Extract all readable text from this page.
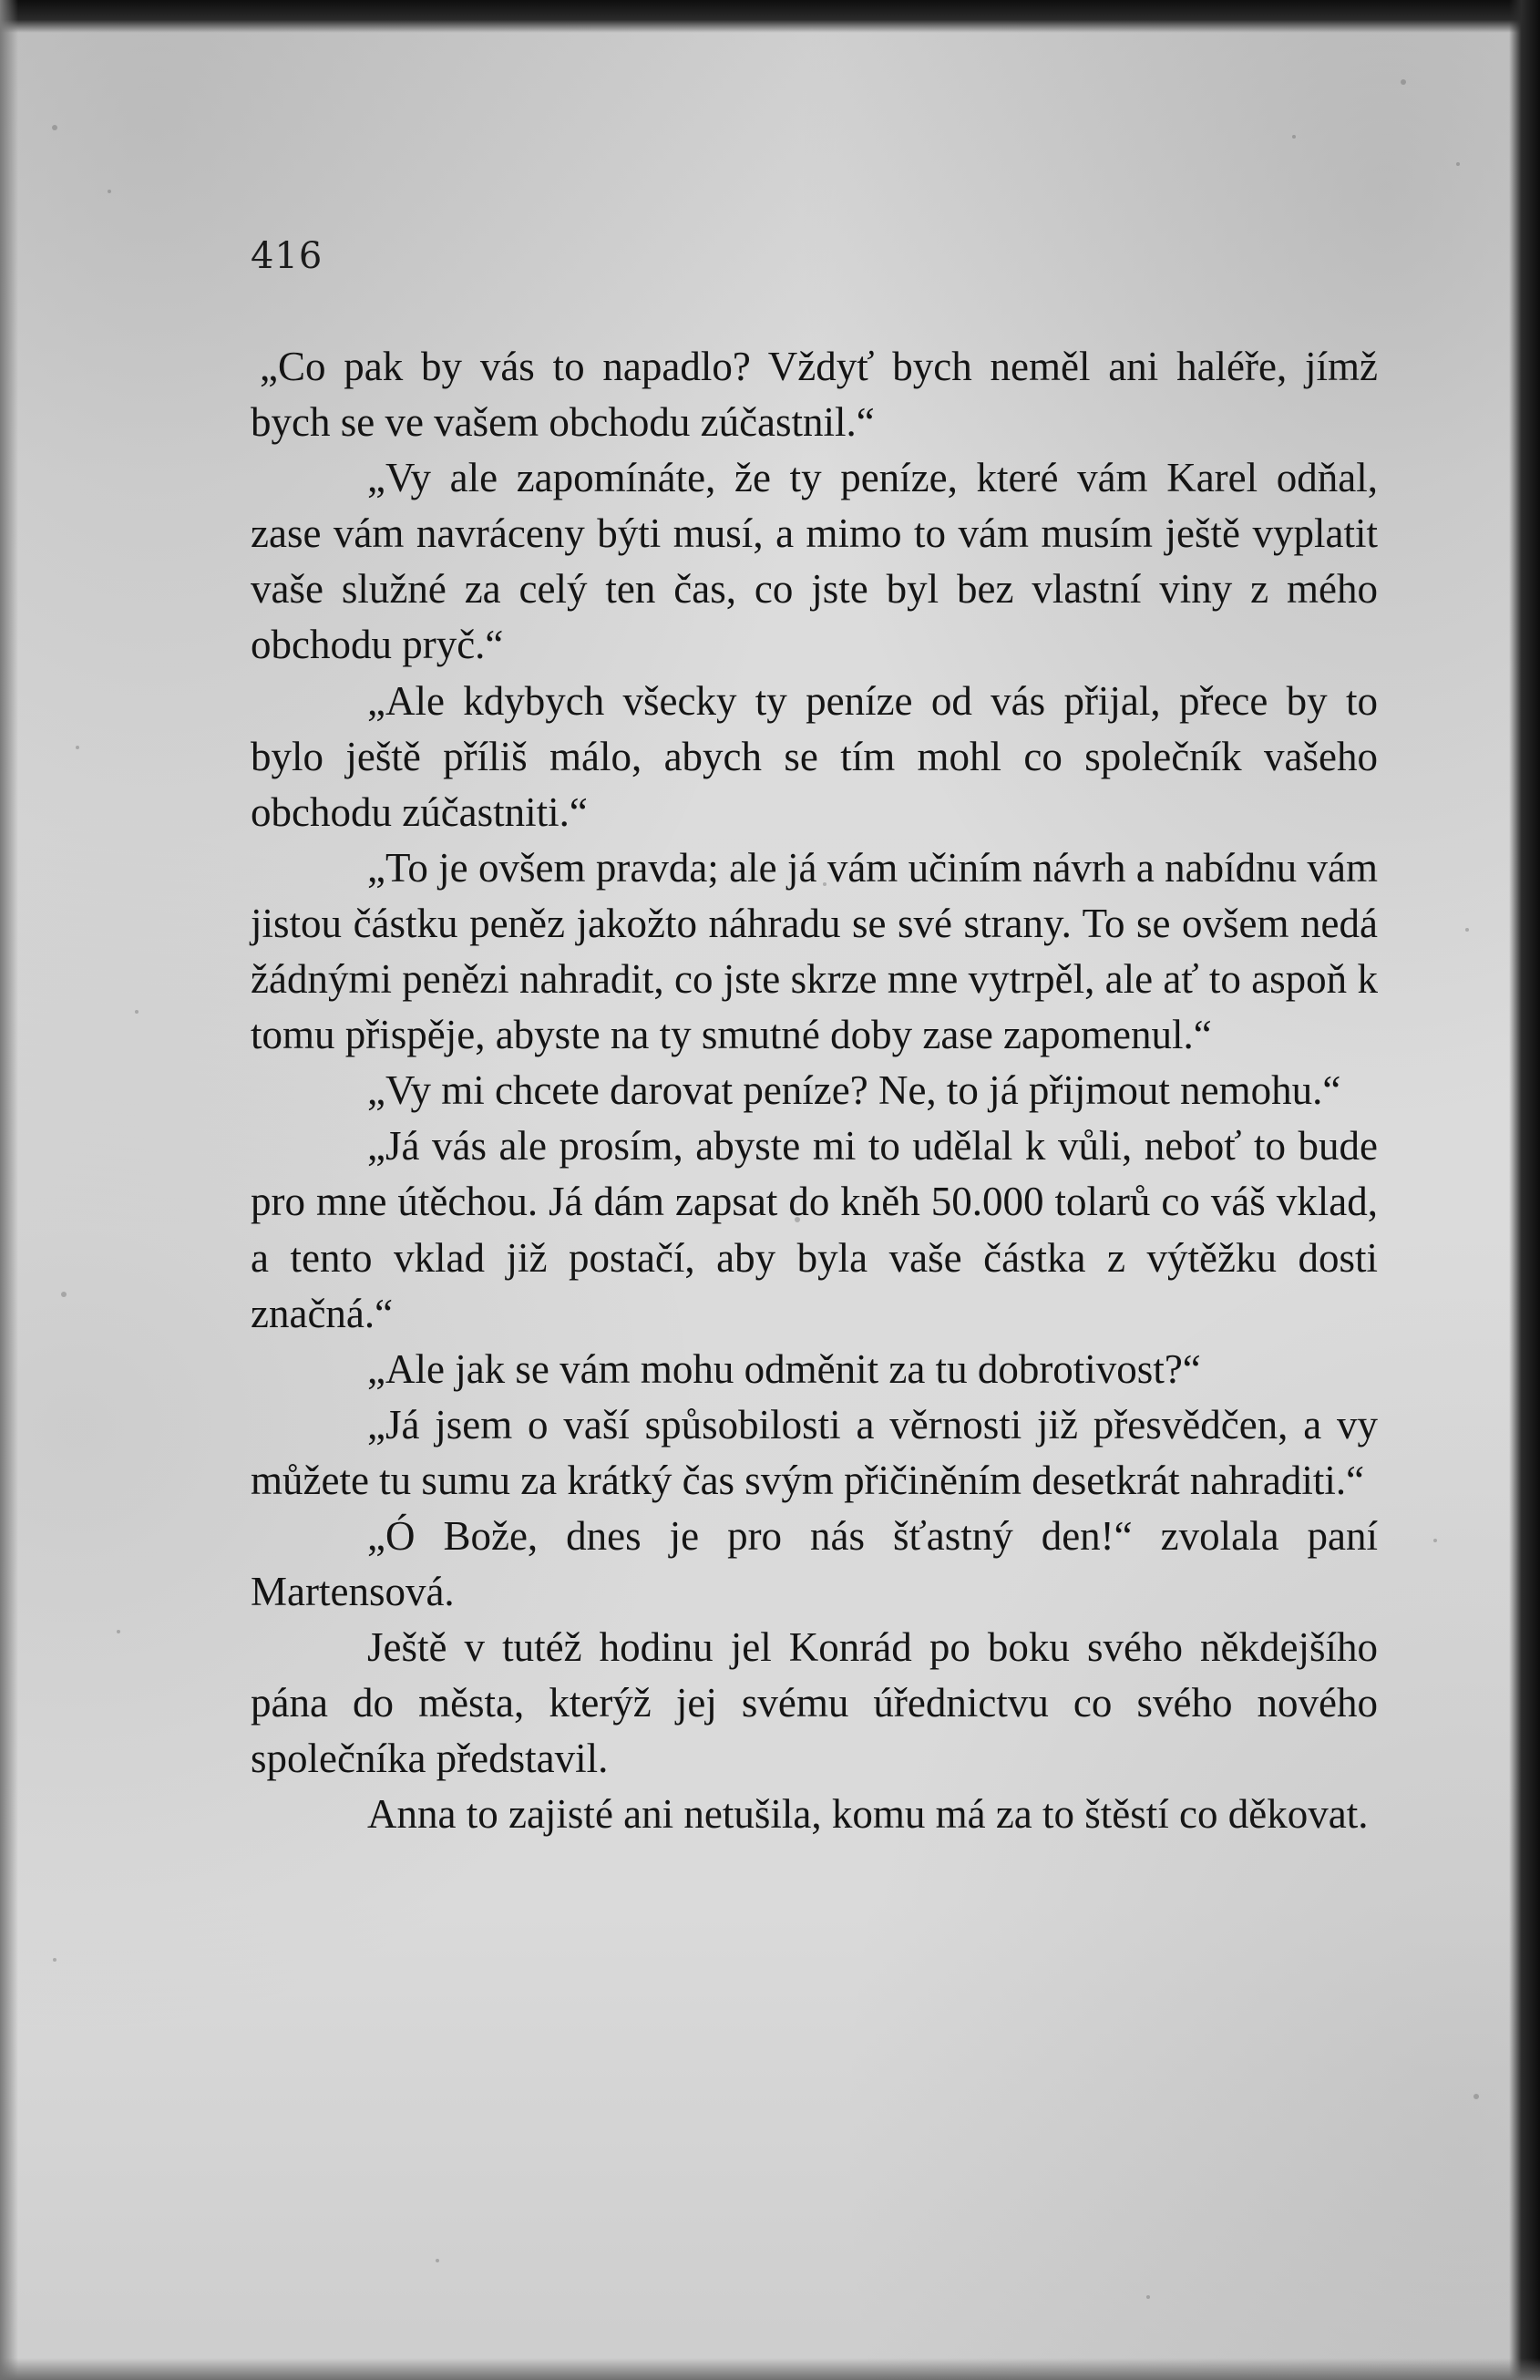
416

„Co pak by vás to napadlo? Vždyť bych neměl ani haléře, jímž bych se ve vašem obchodu zúčastnil.“

„Vy ale zapomínáte, že ty peníze, které vám Karel odňal, zase vám navráceny býti musí, a mimo to vám musím ještě vyplatit vaše služné za celý ten čas, co jste byl bez vlastní viny z mého obchodu pryč.“

„Ale kdybych všecky ty peníze od vás přijal, přece by to bylo ještě příliš málo, abych se tím mohl co společník vašeho obchodu zúčastniti.“

„To je ovšem pravda; ale já vám učiním návrh a nabídnu vám jistou částku peněz jakožto náhradu se své strany. To se ovšem nedá žádnými penězi nahradit, co jste skrze mne vytrpěl, ale ať to aspoň k tomu přispěje, abyste na ty smutné doby zase zapomenul.“

„Vy mi chcete darovat peníze? Ne, to já přijmout nemohu.“

„Já vás ale prosím, abyste mi to udělal k vůli, neboť to bude pro mne útěchou. Já dám zapsat do kněh 50.000 tolarů co váš vklad, a tento vklad již postačí, aby byla vaše částka z výtěžku dosti značná.“

„Ale jak se vám mohu odměnit za tu dobrotivost?“

„Já jsem o vaší spůsobilosti a věrnosti již přesvědčen, a vy můžete tu sumu za krátký čas svým přičiněním desetkrát nahraditi.“

„Ó Bože, dnes je pro nás šťastný den!“ zvolala paní Martensová.

Ještě v tutéž hodinu jel Konrád po boku svého někdejšího pána do města, kterýž jej svému úřednictvu co svého nového společníka představil.

Anna to zajisté ani netušila, komu má za to štěstí co děkovat.
